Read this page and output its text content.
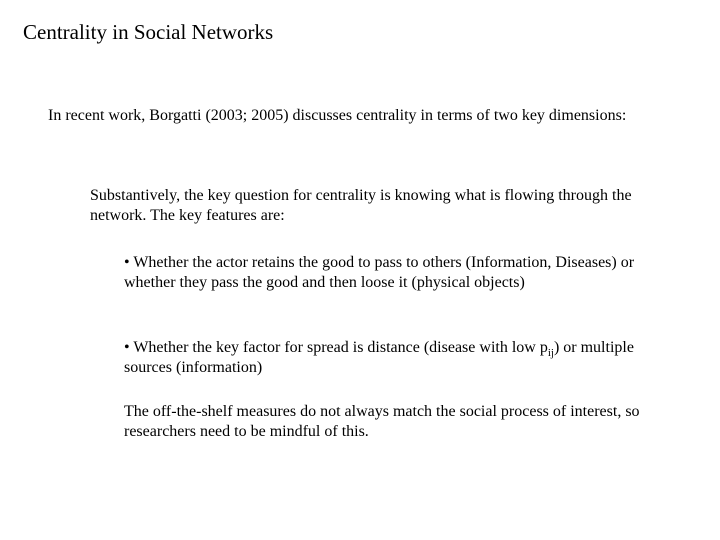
Centrality in Social Networks
In recent work, Borgatti (2003; 2005) discusses centrality in terms of two key dimensions:
Substantively, the key question for centrality is knowing what is flowing through the network. The key features are:
• Whether the actor retains the good to pass to others (Information, Diseases) or whether they pass the good and then loose it (physical objects)
• Whether the key factor for spread is distance (disease with low $p_{ij}$) or multiple sources (information)
The off-the-shelf measures do not always match the social process of interest, so researchers need to be mindful of this.
